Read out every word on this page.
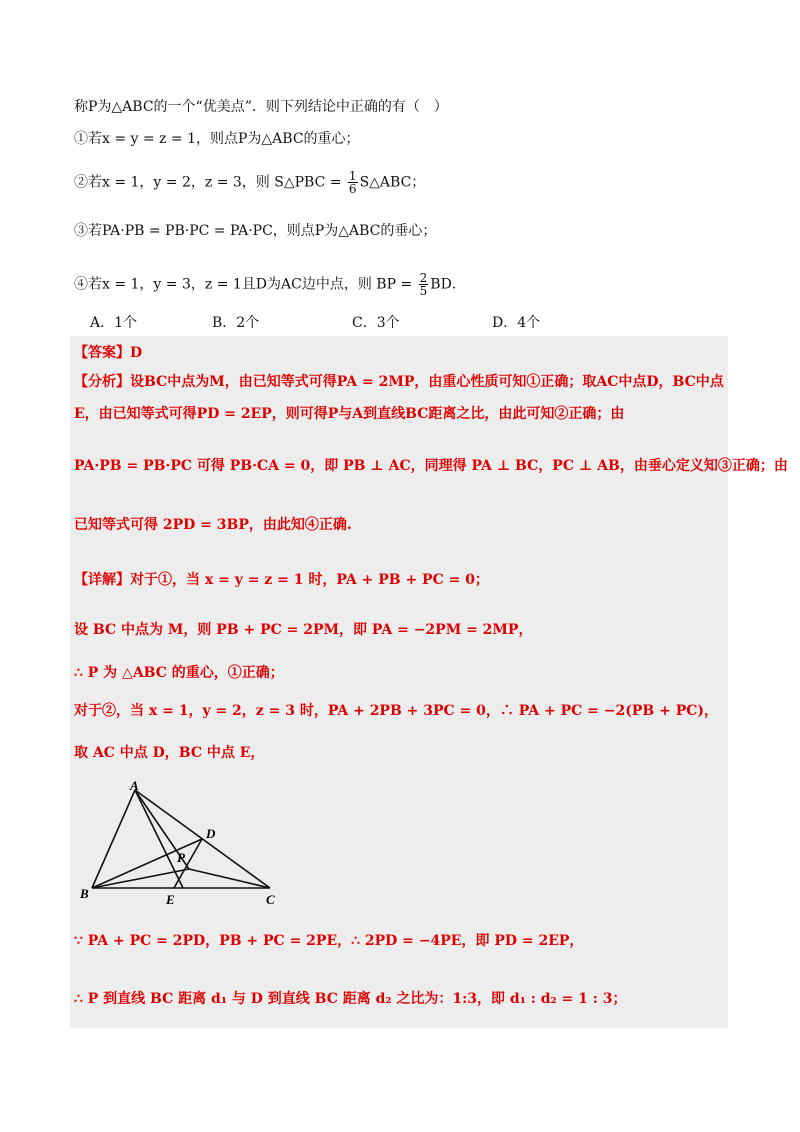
称P为△ABC的一个“优美点”．则下列结论中正确的有（　）
①若x = y = z = 1，则点P为△ABC的重心；
②若x = 1，y = 2，z = 3，则 S△PBC = $\frac{1}{6}$ S△ABC；
③若PA·PB = PB·PC = PA·PC，则点P为△ABC的垂心；
④若x = 1，y = 3，z = 1且D为AC边中点，则 BP = $\frac{2}{5}$ BD．
A．1个	B．2个	C．3个	D．4个
【答案】D
【分析】设BC中点为M，由已知等式可得PA = 2MP，由重心性质可知①正确；取AC中点D，BC中点
E，由已知等式可得PD = 2EP，则可得P与A到直线BC距离之比，由此可知②正确；由
PA·PB = PB·PC 可得 PB·CA = 0，即 PB ⊥ AC，同理得 PA ⊥ BC，PC ⊥ AB，由垂心定义知③正确；由
已知等式可得 2PD = 3BP，由此知④正确.
【详解】对于①，当 x = y = z = 1 时，PA + PB + PC = 0；
设 BC 中点为 M，则 PB + PC = 2PM，即 PA = −2PM = 2MP，
∴ P 为 △ABC 的重心，①正确；
对于②，当 x = 1，y = 2，z = 3 时，PA + 2PB + 3PC = 0，∴ PA + PC = −2(PB + PC)，
取 AC 中点 D，BC 中点 E，
A
B	C
D
E
P
∵ PA + PC = 2PD，PB + PC = 2PE，∴ 2PD = −4PE，即 PD = 2EP，
∴ P 到直线 BC 距离 d₁ 与 D 到直线 BC 距离 d₂ 之比为：1:3，即 d₁ : d₂ = 1 : 3；
